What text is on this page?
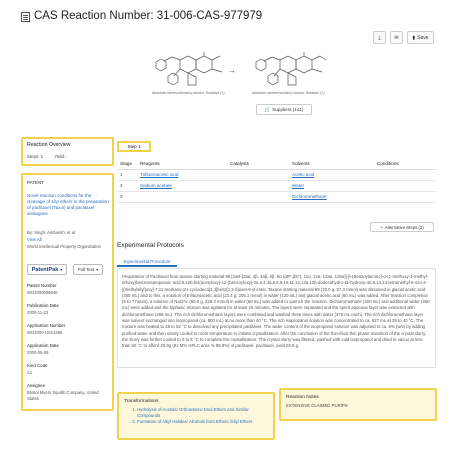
CAS Reaction Number: 31-006-CAS-977979
⤓	✉	▮ Save
Absolute stereochemistry shown, Rotation (+)
→
Absolute stereochemistry shown, Rotation (+)
🛒 Suppliers (141)
Reaction Overview
Steps: 1	Yield: -
PATENT
Novel reaction conditions for the cleavage of silyl ethers in the preparation of paclitaxel (Taxol) and paclitaxel analogues
By: Singh, Ambarish; et al
View All
World Intellectual Property Organization
PatentPak ▾	Full Text ▾
Patent Number
WO2000009840
Publication Date
2000-11-23
Application Number
WO2000-US12465
Application Date
2000-05-08
Kind Code
A1
Assignee
Bristol Myers Squibb Company, United States
Step 1
Stage	Reagents	Catalysts	Solvents	Conditions
1	Trifluoroacetic acid		Acetic acid	
2	Sodium acetate		Water	
3			Dichloromethane	
+ Alternative Steps (2)
Experimental Protocols
Experimental Procedure
Preparation of Paclitaxel from taxane starting material 99 [2aR-[2aα, 4β, 4aβ, 6β, 9α (αR*,βS*), 11α, 12α, 12aα, 12bα]]-β-(Benzoylamino)-α-(1-methoxy-1-methyl-ethoxy)benzenepropanoic acid,6,12b-bis(acetyloxy)-12-(benzoyloxy)-2a,3,4,4a,5,6,9,10,11,12,12a,12b-dodecahydro-11-hydroxy-4a,8,13,13-tetramethyl-5-oxo-4-[(triethylsilyl)oxy]-7,11-methano-1H-cyclodeca[3,4]benz[1,2-b]oxet-9-yl ester. Taxane starting material 99 (20.0 g, 97.3 mmol) was dissolved in glacial acetic acid (355 mL) and to this, a solution of trifluoroacetic acid (23.4 g, 205.1 mmol) in water (120 mL) and glacial acetic acid (60 mL) was added. After reaction completion (5 to 7 hours), a solution of NaOAc (50.0 g, 228.3 mmol) in water (60 mL) was added to quench the reaction. Dichloromethane (400 mL) and additional water (260 mL) were added and the biphasic mixture was agitated for at least 15 minutes. The layers were separated and the spent aqueous layer was extracted with dichloromethane (268 mL). The rich dichloromethane layers were combined and washed three times with water (475 mL each). The rich dichloromethane layer was solvent exchanged into isopropanol (ca. 800 mL) at no more than 40 °C. The rich isopropanol solution was concentrated to ca. 627 mL at 25 to 40 °C. The mixture was heated to 48 to 52 °C to dissolved any precipitated paclitaxel. The water content of the isopropanol solution was adjusted to ca. 5% (w/v) by adding purified water and then slowly cooled to room temperature to initiate crystallization. After the conclusion of the thin-thick-thin phase transition of the crystal slurry, the slurry was further cooled to 0 to 5 °C to complete the crystallization. The crystal slurry was filtered, washed with cold isopropanol and dried in vacuo at less than 50 °C to afford 25.9g (91 M% HPLC area % 98.8%) of paclitaxel. paclitaxel, yield 25.9 g.
Transformations
1. Hydrolysis of Acetals/ Orthoesters/ Enol Ethers and Similar Compounds
2. Formation of Alkyl Halides/ Alcohols from Ethers /Silyl Ethers
Reaction Notes
EXTENSIVE CLAIMED PURIFN
